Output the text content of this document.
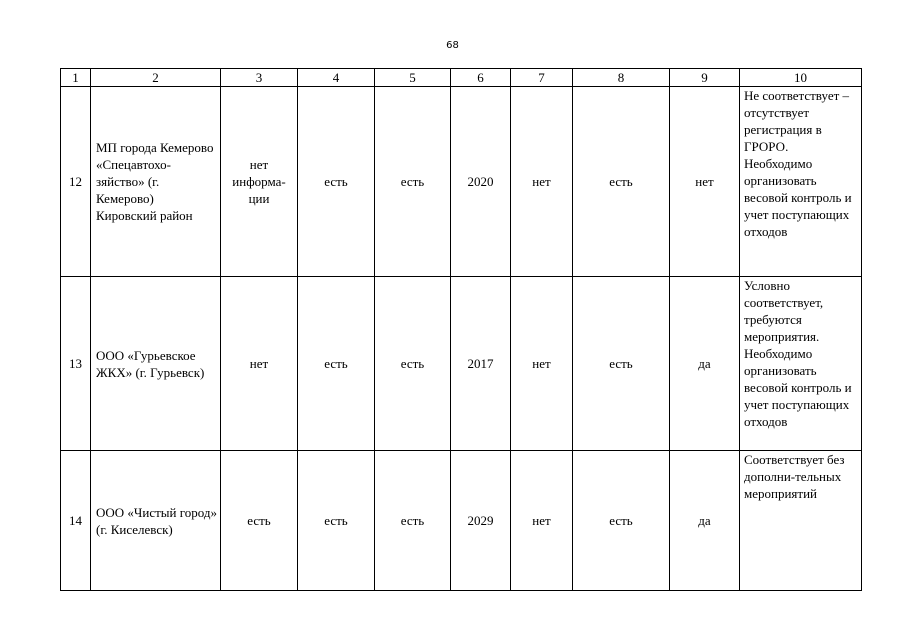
68
1	2	3	4	5	6	7	8	9	10
12	МП города Кемерово «Спецавтохо-зяйство» (г. Кемерово) Кировский район	нет информа-ции	есть	есть	2020	нет	есть	нет	Не соответствует – отсутствует регистрация в ГРОРО. Необходимо организовать весовой контроль и учет поступающих отходов
13	ООО «Гурьевское ЖКХ» (г. Гурьевск)	нет	есть	есть	2017	нет	есть	да	Условно соответствует, требуются мероприятия. Необходимо организовать весовой контроль и учет поступающих отходов
14	ООО «Чистый город» (г. Киселевск)	есть	есть	есть	2029	нет	есть	да	Соответствует без дополни-тельных мероприятий
